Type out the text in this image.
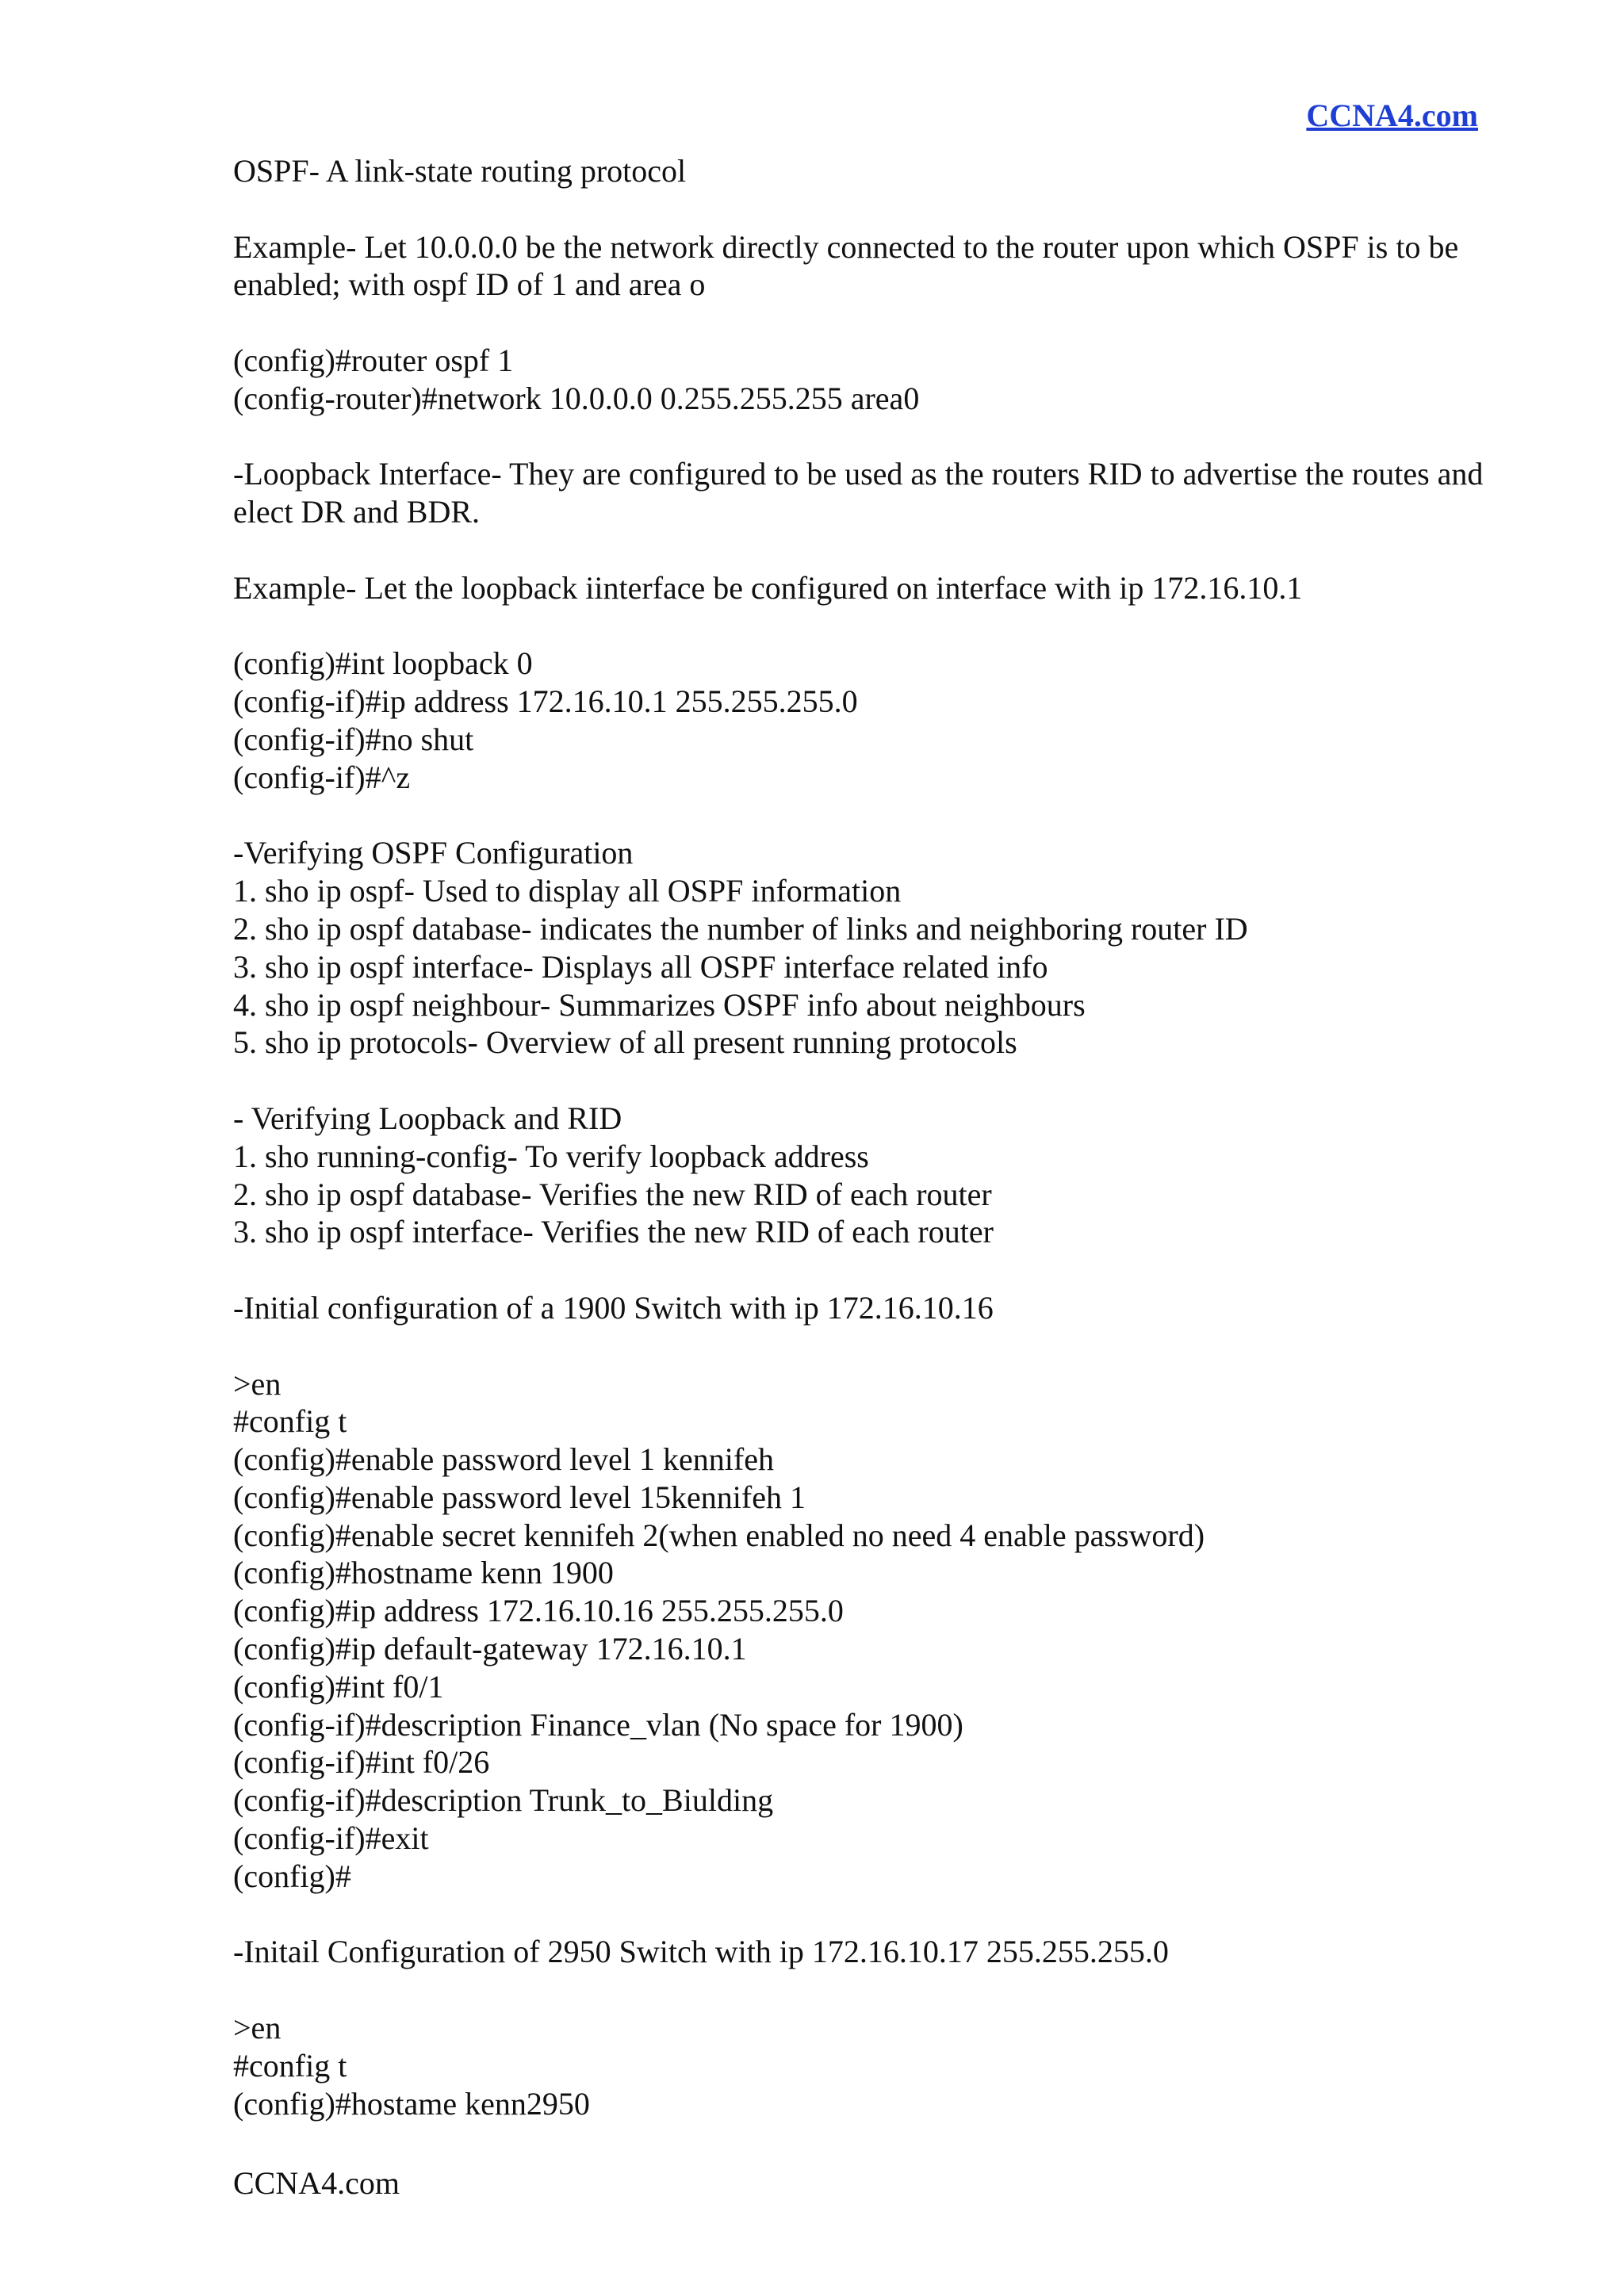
CCNA4.com
OSPF- A link-state routing protocol
Example- Let 10.0.0.0 be the network directly connected to the router upon which OSPF is to be enabled; with ospf ID of 1 and area o
(config)#router ospf 1
(config-router)#network 10.0.0.0 0.255.255.255 area0
-Loopback Interface- They are configured to be used as the routers RID to advertise the routes and elect DR and BDR.
Example- Let the loopback iinterface be configured on interface with ip 172.16.10.1
(config)#int loopback 0
(config-if)#ip address 172.16.10.1 255.255.255.0
(config-if)#no shut
(config-if)#^z
-Verifying OSPF Configuration
1. sho ip ospf- Used to display all OSPF information
2. sho ip ospf database- indicates the number of links and neighboring router ID
3. sho ip ospf interface- Displays all OSPF interface related info
4. sho ip ospf neighbour- Summarizes OSPF info about neighbours
5. sho ip protocols- Overview of all present running protocols
- Verifying Loopback and RID
1. sho running-config- To verify loopback address
2. sho ip ospf database- Verifies the new RID of each router
3. sho ip ospf interface- Verifies the new RID of each router
-Initial configuration of a 1900 Switch with ip 172.16.10.16
>en
#config t
(config)#enable password level 1 kennifeh
(config)#enable password level 15kennifeh 1
(config)#enable secret kennifeh 2(when enabled no need 4 enable password)
(config)#hostname kenn 1900
(config)#ip address 172.16.10.16 255.255.255.0
(config)#ip default-gateway 172.16.10.1
(config)#int f0/1
(config-if)#description Finance_vlan (No space for 1900)
(config-if)#int f0/26
(config-if)#description Trunk_to_Biulding
(config-if)#exit
(config)#
-Initail Configuration of 2950 Switch with ip 172.16.10.17 255.255.255.0
>en
#config t
(config)#hostame kenn2950
CCNA4.com
